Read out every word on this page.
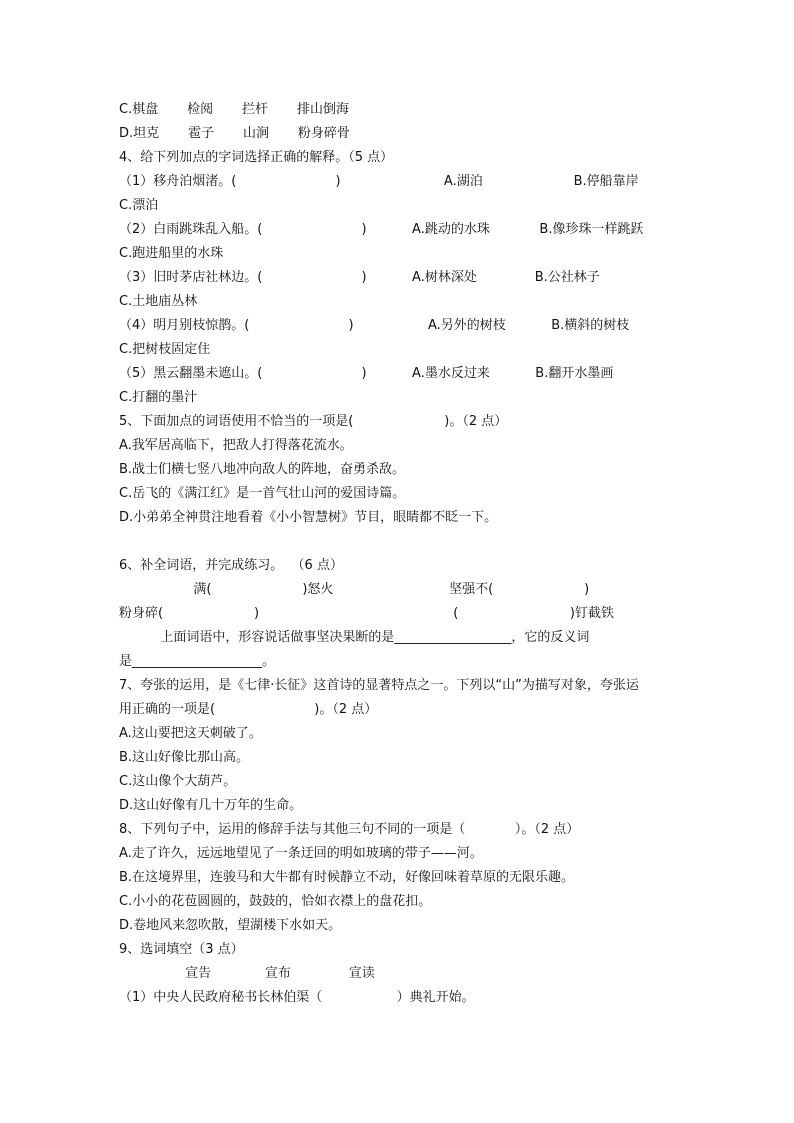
C.棋盘       检阅       拦杆       排山倒海
D.坦克       雹子       山涧       粉身碎骨
4、给下列加点的字词选择正确的解释。（5 点）
（1）移舟泊烟渚。(                        )                         A.湖泊                      B.停船靠岸
C.漂泊
（2）白雨跳珠乱入船。(                        )           A.跳动的水珠            B.像珍珠一样跳跃
C.跑进船里的水珠
（3）旧时茅店社林边。(                        )           A.树林深处              B.公社林子
C.土地庙丛林
（4）明月别枝惊鹊。(                        )                  A.另外的树枝           B.横斜的树枝
C.把树枝固定住
（5）黑云翻墨未遮山。(                        )           A.墨水反过来           B.翻开水墨画
C.打翻的墨汁
5、下面加点的词语使用不恰当的一项是(                      )。（2 点）
A.我军居高临下，把敌人打得落花流水。
B.战士们横七竖八地冲向敌人的阵地，奋勇杀敌。
C.岳飞的《满江红》是一首气壮山河的爱国诗篇。
D.小弟弟全神贯注地看着《小小智慧树》节目，眼睛都不眨一下。
6、补全词语，并完成练习。  （6 点）
满(                      )怒火                            坚强不(                      )
粉身碎(                      )                                               (                           )钉截铁
上面词语中，形容说话做事坚决果断的是__________________，它的反义词
是____________________。
7、夸张的运用，是《七律·长征》这首诗的显著特点之一。下列以“山”为描写对象，夸张运
用正确的一项是(                        )。（2 点）
A.这山要把这天刺破了。
B.这山好像比那山高。
C.这山像个大葫芦。
D.这山好像有几十万年的生命。
8、下列句子中，运用的修辞手法与其他三句不同的一项是（            ）。（2 点）
A.走了许久，远远地望见了一条迂回的明如玻璃的带子——河。
B.在这境界里，连骏马和大牛都有时候静立不动，好像回味着草原的无限乐趣。
C.小小的花苞圆圆的，鼓鼓的，恰如衣襟上的盘花扣。
D.卷地风来忽吹散，望湖楼下水如天。
9、选词填空（3 点）
宣告             宣布              宣读
（1）中央人民政府秘书长林伯渠（                  ）典礼开始。
